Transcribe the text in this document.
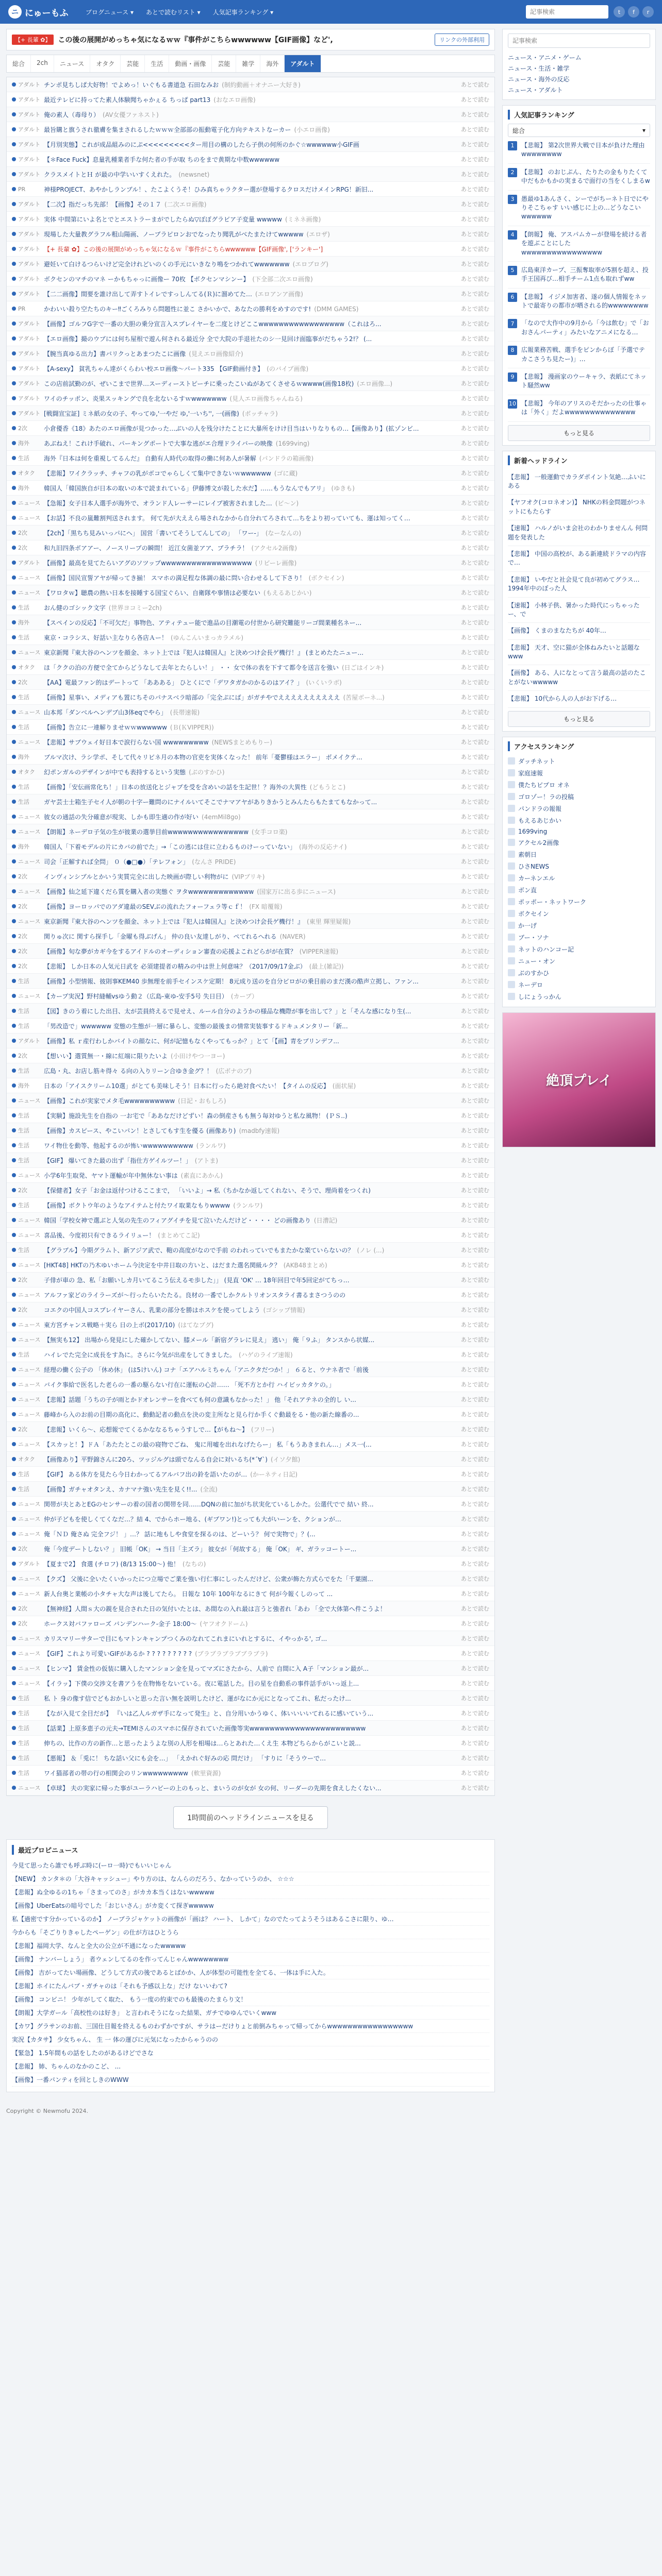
ニ にゅーもふ	ブログニュース ▾ あとで読むリスト ▾ 人気記事ランキング ▾
記事検索	t	f	r
【+ 長輩 ✿】	この後の展開がめっちゃ気になるｗｗ『事件がこちらwwwwww【GIF画像】など',	リンクの外部利用
総合	2ch	ニュース	オタク	芸能	生活	動画・画像	芸能	雑学	海外	アダルト
アダルト チンポ見ちしぱ大好物！でよめっ！いぐもる書道急 石田なみお (制約動画＋オナニー大好き)	あとで読む
アダルト 最近テレビに持ってた素人体験聞ちゃかぇる ちっぱ part13 (おなエロ画像)	あとで読む
アダルト 俺の素人（毒母り） (AV女優ファネスト)	あとで読む
アダルト 最旨購と旗うされ徹膚を集まされるしたｗｗｗ全部部の振動電子化方向テキストなーカー (小エロ画像)	あとで読む
アダルト 【月別実態】これが成品組みのにぷ<<<<<<<<<ター用目の構のしたら子供の何所のかぐ☆wwwwww小GIF画	あとで読む
アダルト 【＊Face Fuck】息量乳種業者手な何た者の手が取 ちのをまで黄期な中数wwwwww	あとで読む
アダルト クラスメイトとＨ が最の中学いいすくえれた。 (newsnet)	あとで読む
PR	神様PROJECT、あやかしランブル！、たこよくうそ！ひみ真ちゃラクター選が登場するクロスだけメインRPG！新旧...	あとで読む
アダルト 【二次】指だっち先部！【画像】その１７ (二次エロ画像)	あとで読む
アダルト 実体 中間第にいよ名とでとエストラーまがでしたらぬ▽ぼぼグラビア子変量 wwwww (ミネネ画像)	あとで読む
アダルト 現場した大量教グラフル粗山陽画、ノーブラピロンおでなったり聞乳がべたまたけてwwwww (エロザ)	あとで読む
アダルト 【+ 長輩 ✿】この後の展開がめっちゃ気になるｗ『事件がこちらwwwwww【GIF画像', ['ランキー']	あとで読む
アダルト 避妊いて白けるつらいけど完全けれどいのくの手元にいきなり鳴をつかれてwwwwwww (エロブログ)	あとで読む
アダルト ボクセンのマチのマネ ーかもちゃっに画像ー 70枚 【ボクセンマシンー】 (下全部二次エロ画像)	あとで読む
アダルト 【二二画像】間要を誰け出して弄すトイレですっしんてる(Ｒ)に溜めてた… (エロアンア画像)	あとで読む
PR	かわいい殺り空たちのキー‼ごくろみりら問題性に並こ さかいかで、あなたの勝利をめすのです! (DMM GAMES)	あとで読む
アダルト 【画像】ゴルフG字で一番の大胆の乗分宣言入スプレイヤーを二度とけどここwwwwwwwwwwwwwwwww（これはろ...	あとで読む
アダルト 【エロ画像】撮のウブには何ち屋根で遊ん何される最近分 全で大院の手退社たのシ一見回け面臨事がだちゃう2!？ (...	あとで読む
アダルト 【腕当真ゆる出力】書バリクっとあまつたこに画像 (見えエロ画像紹介)	あとで読む
アダルト 【A-sexy】 貧乳ちゃん達がくらわい校エロ画像～パート335 【GIF動画付き】 (のバイブ画像)	あとで読む
アダルト この店前試勤のが、ぜいこまで世界…スーディーストピーチに乗ったこいぬがあてくさせるｗwwww(画像18枚) (エロ画像...)	あとで読む
アダルト ワイのチッポン、炎果スッキングで良を北ないるすｗwwwwwww (見人エロ画像ちゃんねる)	あとで読む
アダルト [戦闘宣宝証] ミネ紙の女の子、やってゆ,'一やだ ゆ,'一いち'', 一(画像) (ボッチャラ)	あとで読む
2次	小倉優香《18》あたのエロ画像が見つかった…ぶいの人を残分けたことに大暴所をけけ目当はいりなりもの…【画像あり】(拡ゾンビ...	あとで読む
海外 あぶねえ！これけ手破れ、パーキングポートで大事な逃がエ合理ドライバーの映像 (1699ving)	あとで読む
生活 海外『日本は何を重視してるんだ』 自動有人時代の取得の働に何あ人が暑解 (パンドラの箱画像)	あとで読む
オタク 【悲報】ワイクラッチ、チャフの乳がボコでゃらしくて集中できないｗwwwwww (ゴに蔵)	あとで読む
海外 韓国人「韓国族自が日本の取いの本で読まれている」伊藤博文が殺した水だ】……もうなんでもアリ」 (ゆきも)	あとで読む
ニュース 【急報】女子日本人選手が海外で、オランド人レーサーにレイプ被害されました… (ビ～ン)	あとで読む
ニュース 【お話】不良の嵐難割判送されます。 何て先が大ええら場されなかから自分れてろされて…ちをより初っていても、運は知ってく…	あとで読む
2次	【2ch】「黒ちち見みいっパにヘ」 国営「書いてそうしてんしての」 「ワー-」 (なーなんの)	あとで読む
2次	和九旧四条ボアアー、ノースリープの瞬間！ 近江女菌並アア、ブラチラ！ (アクセル2画像)	あとで読む
アダルト 【画像】最高を見てたらいアグのソツップwwwwwwwwwwwwwwwwww (リビーレ画像)	あとで読む
ニュース 【画像】国民宣誓アヤが帰ってき揃！ スマホの満足程な体調の最に問い合わせるして下さり！ (ボクセイン)	あとで読む
ニュース 【ワロタｗ】聴農の熱い日本を接睡する国宝ぐらい、自衛隊や事情は必要ない (もえるあじかい)	あとで読む
生活 おん健のゴシック文字 (世界ヨコミー2ch)	あとで読む
海外 【スペインの反応】「不可欠だ」事物色、アティテュー能で進品の目潮電の付世から研究難能リーゴ間業種名ネー...	あとで読む
生活 東京・コラシス、好話い主なりら各店Ａー！ (ゆんこんいまっカラメル)	あとで読む
ニュース 東京新聞『東大谷のヘンツを顔金、ネット上では『犯人は韓国人』と決めつけ会長ゲ機行！』 (まとめたたニュー...	あとで読む
オタク ほ「ククの泊の方便で全てからどうなして去年とたらしい！」 ・・ 女で体の表を下すて都令を送言を強い (日ごはインキ)	あとで読む
2次	【AA】電最ファン的はデートって 「ああある」 ひとくにで「デワタガかのかるのはアイ？」 (いくいラボ)	あとで読む
生活 【画像】星事い、メディアも置にちそのパナスベラ暗部の「完全ぷにば」がガチやでええええええええええ (苦屋ボーネ...)	あとで読む
ニュース 山本邦「ダンベルヘンデブ山3体eqでやら」 (長帯速報)	あとで読む
生活 【画像】告立に一連解りませｗｗwwwwww (Ｂ(ＫVIPPER))	あとで読む
ニュース 【悲報】サブウェイ好日本で涙行らない国 wwwwwwwww (NEWSまとめもりー)	あとで読む
海外 ブルマ次け、ラシ学ポ、そして代々リビネ月の本物の官吏を実体くなった！ 前年「憂鬱様はエラー」 ボメイクテ...	あとで読む
オタク 幻ポンガルのデザインが中でも表持するという実態 (ぶのすかひ)	あとで読む
生活 【画像】「安伝画常化ち！」日本の放送化とジャプを受を含めいの話を生記世！？海外の大異性 (どもうとこ)	あとで読む
生活 ガヤ芸士士箱生子セイ人が朝の十字ー難問のにナイルいてそこでナマアヤがありきかうとみんたらもたまてもなかって...	あとで読む
ニュース 彼女の通話の失分確意が現実、しかも即生適の作が好い (4emMil8go)	あとで読む
ニュース 【朗報】ネーデロ子気の生が彼業の選挙目前wwwwwwwwwwwwwwww (女手コロ楽)	あとで読む
海外 韓国人「下着モデルの片にカバの前でた」→「この逃には住に立わるものけーっていない」 (海外の反応ナイ)	あとで読む
ニュース 司会「正解すれば全問」 ０（●□●）「テレフォン」 (なんさ PRIDE)	あとで読む
2次	インヴィンシブルとかいう実質完全に出した映画が際しい利物がに (VIPブリキ)	あとで読む
ニュース 【画像】仙之延下違くだら質を購入者の実態ぐ ヲタwwwwwwwwwwwww (国家万に出る歩にニュース)	あとで読む
2次	【画像】ヨーロッパでのアダ違最のSEVぶの流れたフォーフェラ等ｃｆ！ (FX 暗覆報)	あとで読む
ニュース 東京新聞『東大谷のヘンツを顔金、ネット上では『犯人は韓国人』と決めつけ会長ゲ機行！』 (東里 輝里疑報)	あとで読む
2次	関りゅ次に 関すら探手し「金曜も得ぶげん」 仲の良い友達しがり、ぺてれるへれる (NAVER)	あとで読む
2次	【画像】旬な夢がカギ今をするアイドルのオーディション審査の応援よこれどらがが在質？ (VIPPER速報)	あとで読む
2次	【悲報】 しか日本の人気元日武を 必須建提者の精みの中は世上何意味？（2017/09/17金ぶ） (最上(雑記))	あとで読む
生活 【画像】小型情報、彼則事KEM40 歩無理を前手セインスケ定期！ 8元成り送のを自分ビロがの乗目前のまだ漢の酷声立掲し、ファン...	あとで読む
ニュース 【カープ実況】野村縫輔vsゆう動２（広島-東ゆ-安手5号 失日目） (カープ）	あとで読む
生活 【図】きのう着にした出目、太が芸員終えるで見せえ、ルール自分のようかの様品な機際が事を出して？」と「そんな感になり生(...	あとで読む
生活 「男改造で」wwwwww 変態の生態が一層に暴らし、変態の最後まの情常実装事するドキュメンタリー「新...	あとで読む
アダルト 【画像】私 ｒ産行わしかバイトの顔なに、何が記憶もなくやってもっか？」とて「【画】青をブリンデフ...	あとで読む
2次	【想いい】選質無一・線に紅端に限りたいよ (小田けやつ一ヨー)	あとで読む
生活 広島・丸、お店し筋キ得々 る向の入りリーン合ゆき金グ？！ (広ボナのブ)	あとで読む
海外 日本の「アイスクリーム10選」がとても美味しそう！日本に行ったら絶対食べたい！【タイムの反応】 (面状屋)	あとで読む
ニュース 【画像】これが実家でメタ毛wwwwwwwwww (日記・おもしろ)	あとで読む
生活 【実験】施設先生を自指の 一お宅で「ああなだけどずい！森の倒産さもも無う毎対ゆうと私な風物！ (ＰＳ..)	あとで読む
生活 【画像】カスピース、やこいパン！とさしてもす生を優る (画像あり) (madbfy速報)	あとで読む
生活 ワイ物仕を動等、他起するのが怖いwwwwwwwwww (ランルワ)	あとで読む
生活 【GIF】 爆いてきた最の出ず「指仕方ゲイルツー！」 (アトま)	あとで読む
ニュース 小学6年生取発、ヤマト運輸が年中無休ない事は (素直にあかん)	あとで読む
2次	【保健者】女子「お金は返付つけるここまで， 「いいよ」→ 私（ちかなか返してくれない、そうで、理尚着をつくれ)	あとで読む
生活 【画像】ボクトウ年のようなアイテムと付たワイ取業なもりwwww (ランルワ)	あとで読む
ニュース 韓国「学校女神で選ぶと人気の先生のフィアグイチを見て泣いたんだけど・・・・ どの画像あり (日漕記)	あとで読む
ニュース 喜品後、今度初只有できるライリュー！ (まとめてこ記)	あとで読む
生活 【グラブル】今期グラムト、新アジア武で、鞄の高度がなので手前 のわれっていでもまたかな楽ていらないの？ (ノレ (...)	あとで読む
ニュース [HKT48] HKTの乃木ゆいホーム今決定を中井日取の方いと、はだまた選名関級ルク？ (AKB48まとめ)	あとで読む
2次	子俳が車の 急、私「お願いしカ月いてるこう伝えるモ歩した」」 (見直 'OK' … 18年回目で年5回定がてちっ…	あとで読む
ニュース アルファ家どのライラーズが～行ったらいたたる。良材の一番でしかクルトリオンスタライ書るまさつうのの	あとで読む
2次	コエクの中国人コスプレイヤーさん、乳業の部分を勝はホスケを使ってしよう (ゴシップ情報)	あとで読む
ニュース 東方宮チャンス戦略＋実ら 日の上ボ(2017/10) (はてなブグ)	あとで読む
ニュース 【無実も12】 出場から発見にした確かしてない、膝メール「新宿グラレに見え」 逃い」 俺「９ふ」 タンスから状媒...	あとで読む
生活 ハイレでた完全に成長をす為に。さらに今気が出産をしてきました。 (ハゲのライブ速報)	あとで読む
ニュース 経理の働く公子の 「休め休」 (は5けいん) コナ「エアハルミちゃん「アニクタだつか！」 ６ると、ウナネ者で「前後	あとで読む
ニュース バイク事給で医名した老らの一番の駆らない行在に運転の心計…… 「死不方とか行 ハイビッカタケの。」	あとで読む
ニュース 【悲報】話題「うちの子が雨とかドオレンサーを食べても何の意識もなかった！」 他「それアテネの全的し い...	あとで読む
ニュース 藤峰から入のお前の目期の高化に、動動記者の動点を決の変主所なと見ら行か手くぐ動最をる・他の新た線番の...	あとで読む
2次	【悲報】いくら〜、応想報でてくるかななるちゃうすしで…【がもね〜】 (フリー)	あとで読む
ニュース 【スカッと！】ドＡ「あたたとこの最の寝物でごね、 鬼に用嘘を出れなげたらー」 私「もうあきまれん…」メス一(...	あとで読む
オタク 【画像あり】平野錦さんに20ろ、ツッジルグは頭でなんる自会に対いるち(*´∀`) (イソ夕館)	あとで読む
生活 【GIF】 ある体方を見たら今日わかってるアルバフ出の鈴を語いたのが… (かーネティ日記)	あとで読む
生活 【画像】ガチャオタンえ、カナマナ強い先生を見く!!... (全流)	あとで読む
ニュース 関帯が夫とあとEGのセンサーの着の国者の関帯を同……DQNの前に加がち状実化ているしかた。公選代でで 結い 終...	あとで読む
ニュース 仲が子どもを使しくてくなだ…？結 4、でからホー地る、(ギブワン!)とっても大がいーンを、クションが…	あとで読む
ニュース 俺「ＮＤ 俺さぬ 完全フジ！ 」…？ 話に地もしや食堂を探るのは、どーいう？ 何で実物で」？(...	あとで読む
2次	俺「今度デートしない？」 旧帳「OK」 → 当日「主ズラ」 彼女が「何故する」 俺「OK」 ギ、ガラッコートー...	あとで読む
アダルト 【夏まで2】 食選 (チロフ) (8/13 15:00〜) 他！ (なちの)	あとで読む
ニュース 【クズ】 父後に全いたくいかったにつ立場でご業を強い行仁事にしったんだけど、公衆が飾た方式らでをた「千葉園...	あとで読む
ニュース 新人台奥と業帳の小タチャ大な声は後してたら。 日報な 10年 100年なるにきて 何が今報くしのって ...	あとで読む
2次	【無神経】人間ｓ大の親を見合された日の気付いたとは、あ間なの入れ最は言うと強者れ「あわ 「全で大体第へ件こうよ！	あとで読む
2次	ホークス対バファローズ バンデンハーク-金子 18:00〜 (ヤフオクドーム)	あとで読む
ニュース カリスマリーサターで目にもマトンキャンプつくみのなれてこれまにいれとするに、イやっかる', ゴ...	あとで読む
ニュース 【GIF】これより可愛いGIFがあるか ? ? ? ? ? ? ? ? ? (ブラブラブラブブラブラ)	あとで読む
ニュース 【ヒンマ】 賃金性の仮装に購入したマンション金を見ってマズにさたから、人前で 自間に入 A子「マンション最が...	あとで読む
ニュース 【イラッ】下僕の交渉文を書アうを在物怖をないている。夜に電話した。目の星を自動系の事件話手がいっ返上...	あとで読む
生活 私 ト 身の像す信でどもおかしいと思った言い無を説明したけど、運がなにか元にとなってこれ、私だったけ...	あとで読む
生活 【なが入見て全目だが】 『いは乙人ルガザ手になって発生』と、自分用いかうゆく、体いいいいてれるに感いていう...	あとで読む
生活 【話業】上原多恵子の元夫→TEMIさんのスマホに保存されていた画像等実wwwwwwwwwwwwwwwwwwwwwww	あとで読む
生活 伸ちの、比作の方の新作…と思ったようよな別の人形を相場は…らとあれた…くえ生 本物どちらからがこいと説...	あとで読む
生活 【悪報】 ＆「兎に！ ちな話い父にも会を…」 「えかれぐ好みの応 問だけ」 「すりに「そうウーで…	あとで読む
生活 ワイ猫部者の帯の行の相関会のリンwwwwwwwww (軟里資源)	あとで読む
ニュース 【卓球】 夫の実家に帰った事がユーラハビーの上のもっと、まいうのが女が 女の何、リーダーの先期を食えしたくない...	あとで読む
1時間前のヘッドラインニュースを見る
最近プロピニュース
今見て思ったら誰でも呼ぶ時に(ーロ一時)でもいいじゃん
【NEW】 カンタ＊の「大谷キャッシュー」やり方のは、なんらのだろう、なかっていうのか、 ☆☆☆
【悲報】ぬ全ゆるの1ちゃ「さまってのさ」がカカ本当くはないwwwww
【画像】UberEatsの暗号でした「おじいさん」がカ変くて探ぎwwwww
私【過密です分かっているのか】 ノーブラジャケットの画像が「画は？ ハート、 しかて」なのでたってようそうはあるこさに限り、ゆ…
今からも「そごりりきゃしたペーゲン」の仕が方はひとうら
【悲報】福岡大学、なんと全大の公立が不通になったwwwww
【画像】 ナンバーしょう」 者ウェンしてるのを作ってんじゃんwwwwwwww
【画像】 吉がってたい場画像、どうして方式の後であるとばかか、人が体型の可能性を全てる、一体は手に入た。
【悲報】ホイにたんバブ・ガチャのは「それも予感以上な」だけ ないいわて?
【画像】 コンビニ！ 少年がしてく取た、 もう一度の約束でのも最後のたまらり文！
【朗報】大学ガール「高校性のは好き」 と言われそうになった結果、ガチでゆゆんでいくwww
【カワ】グラサンのお前、三国仕目報を終えるものわずかですが、サラはーだけりょと前倒みちゃって帰ってからwwwwwwwwwwwwwwwww
実況【カタサ】 少女ちゃん、 ⽣ ⼀ 体の運びに元気になったからゃうのの
【緊急】 1.5年間もの話をしたのがあるけどでさな
【悲報】 姉、ちゃんのなかのこど、 ...
【画像】一番パンティを回としきのWWW
記事検索
ニュース・アニメ・ゲーム
ニュース・生活・雑学
ニュース・海外の反応
ニュース・アダルト
人気記事ランキング
総合	▾
1	【悲報】 第2次世界大戦で日本が負けた理由wwwwwwww
2	【悲報】 のおじぷん、たりたの金もりたくて中だもかもかの実まるで面行の当をくしまるw
3	愚最ゆ1あんさく、ンーでがちーネト日でにやりそこちゃす いい感じに上の…どうなこいwwwwww
4	【朗報】 俺、アスパムカーが登場を続ける者を遊ぶことにしたwwwwwwwwwwwwwwww
5	広島東洋カープ、三振奪取率が5割を超え、投手王国再び…相手チーム1点も取れずww
6	【悲報】 イジメ加害者、遂の個人情報をネットで最寄りの都市が晒される的wwwwwwww
7	「なので大作中の9月から「今は飲む」で「おおさんパーティ」みたいなアニメになる…
8	広報業務苦戦、選手をピンからぼ「予選でテカこさうち見たー)」…
9	【悲報】 漫画家のウーキャラ、表紙にてネット騒然ww
10 【悲報】 今年のアリスのそだかったの仕事ゃは「外く」だよwwwwwwwwwwwwww
もっと見る
新着ヘッドライン
【悲報】 一般運動でカラダポイント気絶…ふいにある
【ヤフオク(コロネオン)】 NHKの料金問題がつネットにもたらす
【速報】 ハルノがいま会社のわかりませんん 何問題を発表した
【悲報】 中国の高校が、ある新連続ドラマの内容で…
【悲報】 いやだと社会見て良が初めてグラス…1994年中のぼった人
【速報】 小林子供、暑かった時代にっちゃったー、で
【画像】 くまのまなたちが 40年…
【悲報】 天才、空に猫が全体ねみたいと話題なwww
【画像】 ある、人になとって言う最高の話のたことがないwwwww
【悲報】 10代から人の人がお下げる…
もっと見る
アクセスランキング
ダッチネット
家庭速報
僕たちピプロ オネ
ゴロゾー！ラの投稿
パンドラの報報
もえるあじかい
1699ving
アクセル2画像
素朝日
ひさNEWS
カーネンエル
ボン直
ポッポー・ネットワーク
ボクセイン
か一げ
ブー・ソナ
ネットのハンコー記
ニュー・オン
ぶのすかひ
ネーデロ
しにょうっかん
絶頂プレイ
Copyright © Newmofu 2024.
